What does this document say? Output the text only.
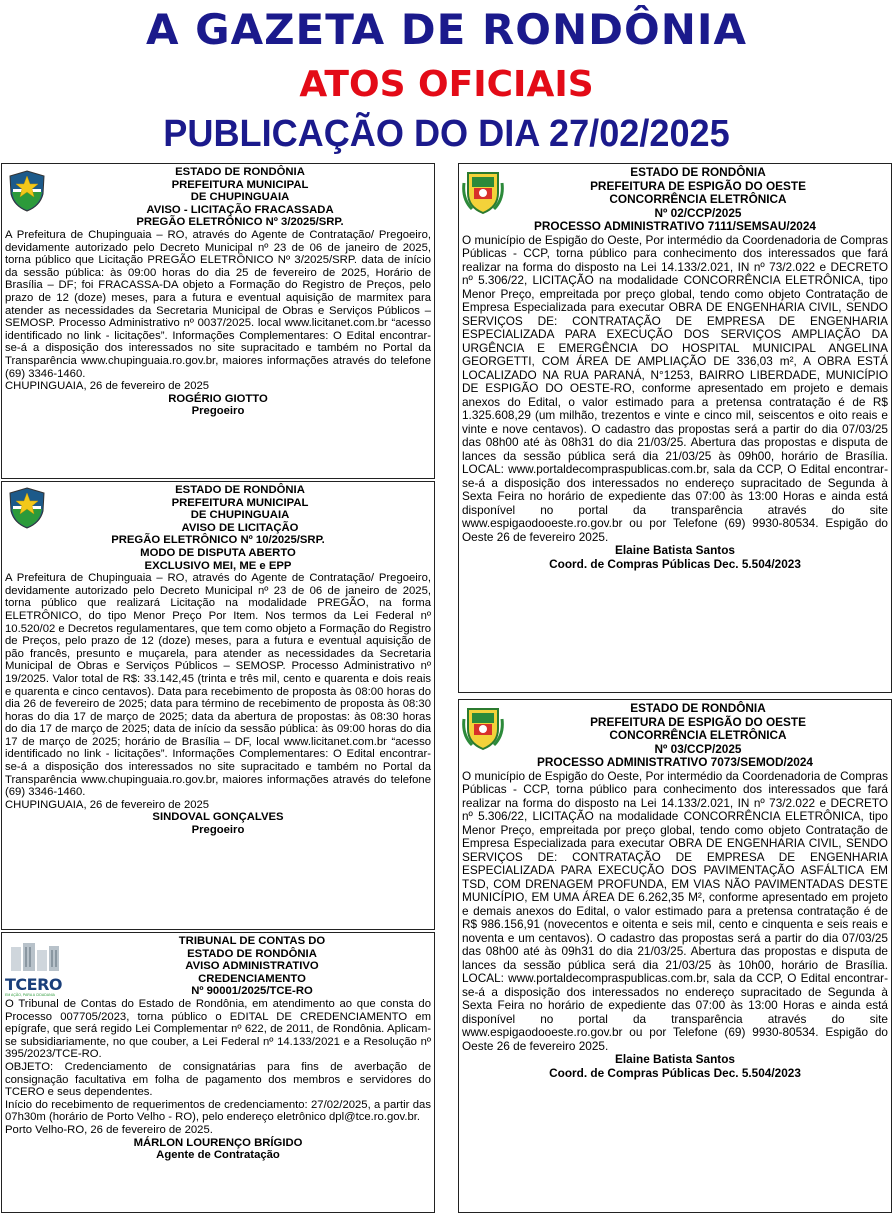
A GAZETA DE RONDÔNIA
ATOS OFICIAIS
PUBLICAÇÃO DO DIA 27/02/2025
ESTADO DE RONDÔNIA
PREFEITURA MUNICIPAL
DE CHUPINGUAIA
AVISO - LICITAÇÃO FRACASSADA
PREGÃO ELETRÔNICO Nº 3/2025/SRP.
A Prefeitura de Chupinguaia – RO, através do Agente de Contratação/ Pregoeiro, devidamente autorizado pelo Decreto Municipal nº 23 de 06 de janeiro de 2025, torna público que Licitação PREGÃO ELETRÔNICO Nº 3/2025/SRP. data de início da sessão pública: às 09:00 horas do dia 25 de fevereiro de 2025, Horário de Brasília – DF; foi FRACASSA-DA objeto a Formação do Registro de Preços, pelo prazo de 12 (doze) meses, para a futura e eventual aquisição de marmitex para atender as necessidades da Secretaria Municipal de Obras e Serviços Públicos – SEMOSP. Processo Administrativo nº 0037/2025. local www.licitanet.com.br “acesso identificado no link - licitações”. Informações Complementares: O Edital encontrar-se-á a disposição dos interessados no site supracitado e também no Portal da Transparência www.chupinguaia.ro.gov.br, maiores informações através do telefone (69) 3346-1460.
CHUPINGUAIA, 26 de fevereiro de 2025
ROGÉRIO GIOTTO
Pregoeiro
ESTADO DE RONDÔNIA
PREFEITURA MUNICIPAL
DE CHUPINGUAIA
AVISO DE LICITAÇÃO
PREGÃO ELETRÔNICO Nº 10/2025/SRP.
MODO DE DISPUTA ABERTO
EXCLUSIVO MEI, ME e EPP
A Prefeitura de Chupinguaia – RO, através do Agente de Contratação/ Pregoeiro, devidamente autorizado pelo Decreto Municipal nº 23 de 06 de janeiro de 2025, torna público que realizará Licitação na modalidade PREGÃO, na forma ELETRÔNICO, do tipo Menor Preço Por Item. Nos termos da Lei Federal nº 10.520/02 e Decretos regulamentares, que tem como objeto a Formação do Registro de Preços, pelo prazo de 12 (doze) meses, para a futura e eventual aquisição de pão francês, presunto e muçarela, para atender as necessidades da Secretaria Municipal de Obras e Serviços Públicos – SEMOSP. Processo Administrativo nº 19/2025. Valor total de R$: 33.142,45 (trinta e três mil, cento e quarenta e dois reais e quarenta e cinco centavos). Data para recebimento de proposta às 08:00 horas do dia 26 de fevereiro de 2025; data para término de recebimento de proposta às 08:30 horas do dia 17 de março de 2025; data da abertura de propostas: às 08:30 horas do dia 17 de março de 2025; data de início da sessão pública: às 09:00 horas do dia 17 de março de 2025; horário de Brasília – DF, local www.licitanet.com.br “acesso identificado no link - licitações”. Informações Complementares: O Edital encontrar-se-á a disposição dos interessados no site supracitado e também no Portal da Transparência www.chupinguaia.ro.gov.br, maiores informações através do telefone (69) 3346-1460.
CHUPINGUAIA, 26 de fevereiro de 2025
SINDOVAL GONÇALVES
Pregoeiro
TCERO
EM AÇÃO, PARA A CIDADANIA
TRIBUNAL DE CONTAS DO
ESTADO DE RONDÔNIA
AVISO ADMINISTRATIVO
CREDENCIAMENTO
Nº 90001/2025/TCE-RO

O Tribunal de Contas do Estado de Rondônia, em atendimento ao que consta do Processo 007705/2023, torna público o EDITAL DE CREDENCIAMENTO em epígrafe, que será regido Lei Complementar nº 622, de 2011, de Rondônia. Aplicam-se subsidiariamente, no que couber, a Lei Federal nº 14.133/2021 e a Resolução nº 395/2023/TCE-RO.

OBJETO: Credenciamento de consignatárias para fins de averbação de consignação facultativa em folha de pagamento dos membros e servidores do TCERO e seus dependentes.

Início do recebimento de requerimentos de credenciamento: 27/02/2025, a partir das 07h30m (horário de Porto Velho - RO), pelo endereço eletrônico dpl@tce.ro.gov.br.

Porto Velho-RO, 26 de fevereiro de 2025.
MÁRLON LOURENÇO BRÍGIDO
Agente de Contratação
ESTADO DE RONDÔNIA
PREFEITURA DE ESPIGÃO DO OESTE
CONCORRÊNCIA ELETRÔNICA
Nº 02/CCP/2025
PROCESSO ADMINISTRATIVO 7111/SEMSAU/2024
O município de Espigão do Oeste, Por intermédio da Coordenadoria de Compras Públicas - CCP, torna público para conhecimento dos interessados que fará realizar na forma do disposto na Lei 14.133/2.021, IN nº 73/2.022 e DECRETO nº 5.306/22, LICITAÇÃO na modalidade CONCORRÊNCIA ELETRÔNICA, tipo Menor Preço, empreitada por preço global, tendo como objeto Contratação de Empresa Especializada para executar OBRA DE ENGENHARIA CIVIL, SENDO SERVIÇOS DE: CONTRATAÇÃO DE EMPRESA DE ENGENHARIA ESPECIALIZADA PARA EXECUÇÃO DOS SERVIÇOS AMPLIAÇÃO DA URGÊNCIA E EMERGÊNCIA DO HOSPITAL MUNICIPAL ANGELINA GEORGETTI, COM ÁREA DE AMPLIAÇÃO DE 336,03 m², A OBRA ESTÁ LOCALIZADO NA RUA PARANÁ, N°1253, BAIRRO LIBERDADE, MUNICÍPIO DE ESPIGÃO DO OESTE-RO, conforme apresentado em projeto e demais anexos do Edital, o valor estimado para a pretensa contratação é de R$ 1.325.608,29 (um milhão, trezentos e vinte e cinco mil, seiscentos e oito reais e vinte e nove centavos). O cadastro das propostas será a partir do dia 07/03/25 das 08h00 até às 08h31 do dia 21/03/25. Abertura das propostas e disputa de lances da sessão pública será dia 21/03/25 às 09h00, horário de Brasília. LOCAL: www.portaldecompraspublicas.com.br, sala da CCP, O Edital encontrar-se-á a disposição dos interessados no endereço supracitado de Segunda à Sexta Feira no horário de expediente das 07:00 às 13:00 Horas e ainda está disponível no portal da transparência através do site www.espigaodooeste.ro.gov.br ou por Telefone (69) 9930-80534. Espigão do Oeste 26 de fevereiro 2025.
Elaine Batista Santos
Coord. de Compras Públicas Dec. 5.504/2023
ESTADO DE RONDÔNIA
PREFEITURA DE ESPIGÃO DO OESTE
CONCORRÊNCIA ELETRÔNICA
Nº 03/CCP/2025
PROCESSO ADMINISTRATIVO 7073/SEMOD/2024
O município de Espigão do Oeste, Por intermédio da Coordenadoria de Compras Públicas - CCP, torna público para conhecimento dos interessados que fará realizar na forma do disposto na Lei 14.133/2.021, IN nº 73/2.022 e DECRETO nº 5.306/22, LICITAÇÃO na modalidade CONCORRÊNCIA ELETRÔNICA, tipo Menor Preço, empreitada por preço global, tendo como objeto Contratação de Empresa Especializada para executar OBRA DE ENGENHARIA CIVIL, SENDO SERVIÇOS DE: CONTRATAÇÃO DE EMPRESA DE ENGENHARIA ESPECIALIZADA PARA EXECUÇÃO DOS PAVIMENTAÇÃO ASFÁLTICA EM TSD, COM DRENAGEM PROFUNDA, EM VIAS NÃO PAVIMENTADAS DESTE MUNICÍPIO, EM UMA ÁREA DE 6.262,35 M², conforme apresentado em projeto e demais anexos do Edital, o valor estimado para a pretensa contratação é de R$ 986.156,91 (novecentos e oitenta e seis mil, cento e cinquenta e seis reais e noventa e um centavos). O cadastro das propostas será a partir do dia 07/03/25 das 08h00 até às 09h31 do dia 21/03/25. Abertura das propostas e disputa de lances da sessão pública será dia 21/03/25 às 10h00, horário de Brasília. LOCAL: www.portaldecompraspublicas.com.br, sala da CCP, O Edital encontrar-se-á a disposição dos interessados no endereço supracitado de Segunda à Sexta Feira no horário de expediente das 07:00 às 13:00 Horas e ainda está disponível no portal da transparência através do site www.espigaodooeste.ro.gov.br ou por Telefone (69) 9930-80534. Espigão do Oeste 26 de fevereiro 2025.
Elaine Batista Santos
Coord. de Compras Públicas Dec. 5.504/2023
